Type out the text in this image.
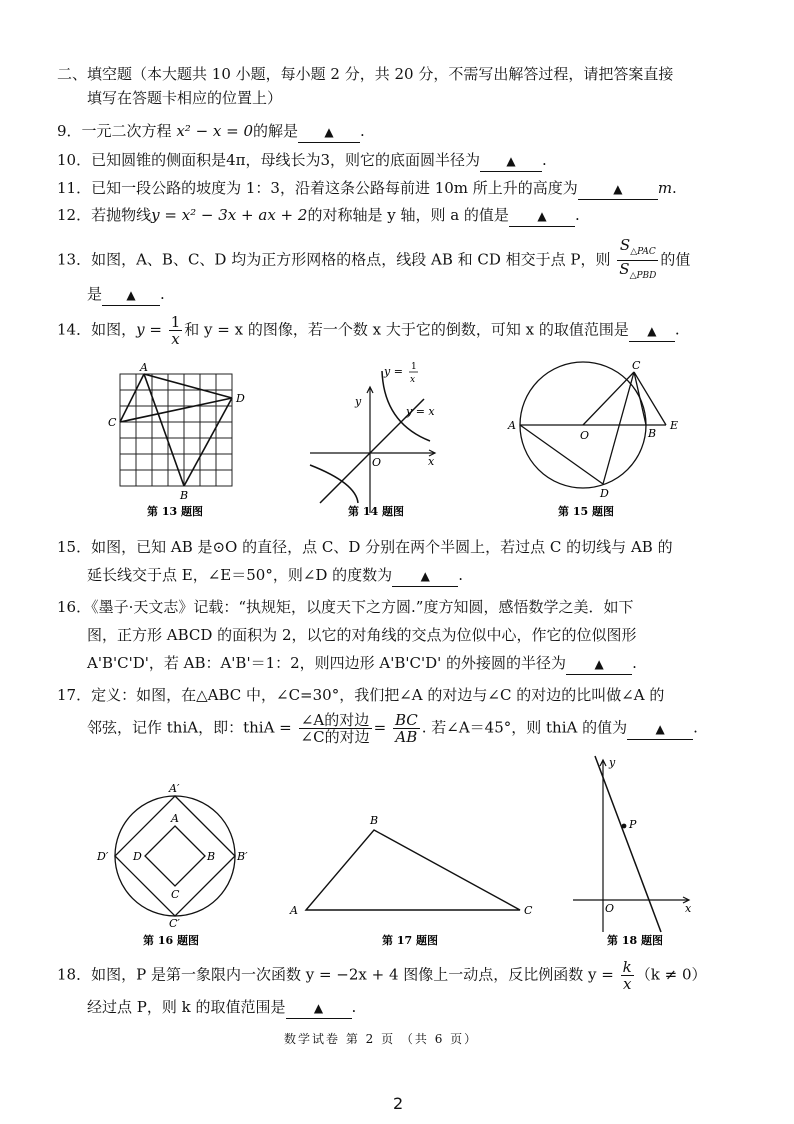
二、填空题（本大题共 10 小题，每小题 2 分，共 20 分，不需写出解答过程，请把答案直接
填写在答题卡相应的位置上）
9．一元二次方程 x² − x = 0的解是 ▲ .
10．已知圆锥的侧面积是4π，母线长为3，则它的底面圆半径为 ▲ .
11．已知一段公路的坡度为 1：3，沿着这条公路每前进 10m 所上升的高度为	▲ m.
12．若抛物线y = x² − 3x + ax + 2的对称轴是 y 轴，则 a 的值是 ▲ .
13．如图，A、B、C、D 均为正方形网格的格点，线段 AB 和 CD 相交于点 P，则 $\frac{S_{\triangle PAC}}{S_{\triangle PBD}}$ 的值
是 ▲ .
14．如图，$y = \frac{1}{x}$ 和 y = x 的图像，若一个数 x 大于它的倒数，可知 x 的取值范围是 ▲ .
A
C
D
B
第 13 题图
y = 1
x
y = x
y
x
O
第 14 题图
A
O	B
E
C
D
第 15 题图
15．如图，已知 AB 是⊙O 的直径，点 C、D 分别在两个半圆上，若过点 C 的切线与 AB 的
延长线交于点 E，∠E＝50°，则∠D 的度数为 ▲ .
16．《墨子·天文志》记载：“执规矩，以度天下之方圆.”度方知圆，感悟数学之美．如下
图，正方形 ABCD 的面积为 2，以它的对角线的交点为位似中心，作它的位似图形
A'B'C'D'，若 AB：A'B'＝1：2，则四边形 A'B'C'D' 的外接圆的半径为 ▲ .
17．定义：如图，在△ABC 中，∠C=30°，我们把∠A 的对边与∠C 的对边的比叫做∠A 的
邻弦，记作 thiA，即：thiA = $\frac{\text{∠A的对边}}{\text{∠C的对边}} = \frac{BC}{AB}$ . 若∠A＝45°，则 thiA 的值为 ▲ .
A′
A
D	B
C
D′	B′
C′
第 16 题图
A
B
C
第 17 题图
P
y
x
O
第 18 题图
18．如图，P 是第一象限内一次函数 y = −2x + 4 图像上一动点，反比例函数 $y = \frac{k}{x} (k \ne 0)$
经过点 P，则 k 的取值范围是 ▲ .
数学试卷 第 2 页 （共 6 页）
2
